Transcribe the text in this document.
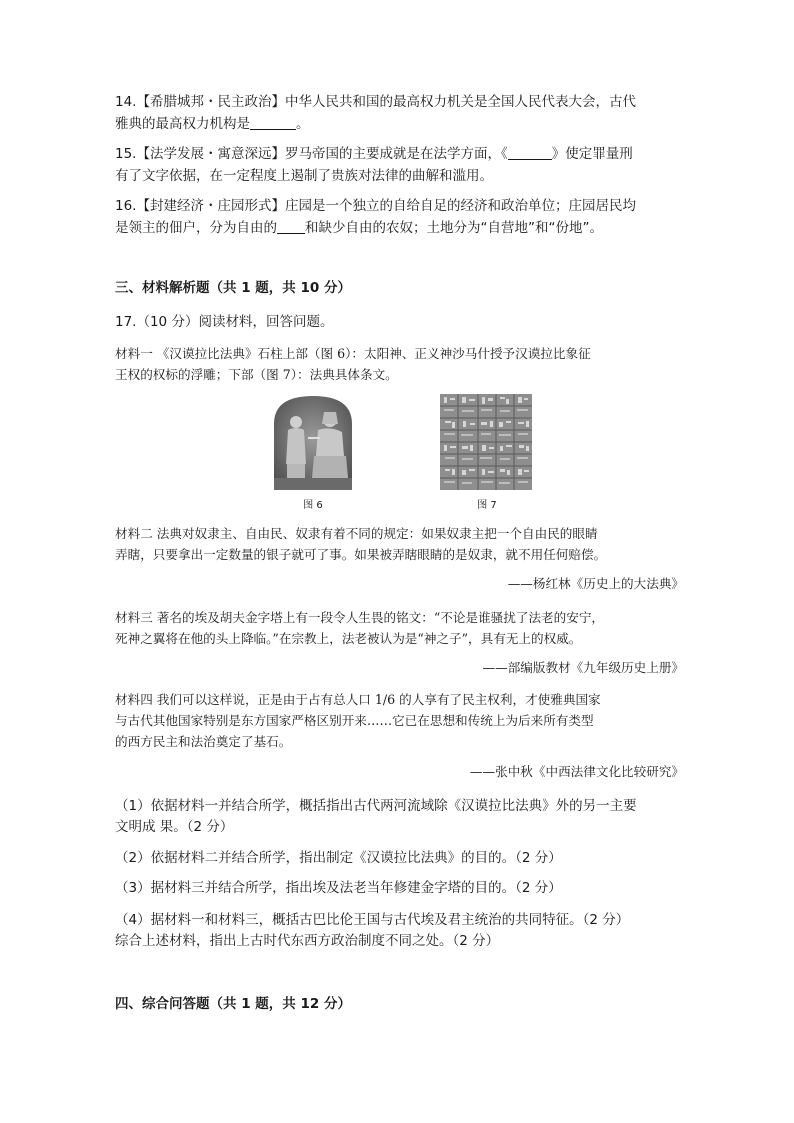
14.【希腊城邦・民主政治】中华人民共和国的最高权力机关是全国人民代表大会，古代
雅典的最高权力机构是	。
15.【法学发展・寓意深远】罗马帝国的主要成就是在法学方面，《	》使定罪量刑
有了文字依据，在一定程度上遏制了贵族对法律的曲解和滥用。
16.【封建经济・庄园形式】庄园是一个独立的自给自足的经济和政治单位；庄园居民均
是领主的佃户，分为自由的 和缺少自由的农奴；土地分为“自营地”和“份地”。
三、材料解析题（共 1 题，共 10 分）
17.（10 分）阅读材料，回答问题。
材料一 《汉谟拉比法典》石柱上部（图 6）：太阳神、正义神沙马什授予汉谟拉比象征
王权的权标的浮雕；下部（图 7）：法典具体条文。
图 6	图 7
材料二 法典对奴隶主、自由民、奴隶有着不同的规定：如果奴隶主把一个自由民的眼睛
弄瞎，只要拿出一定数量的银子就可了事。如果被弄瞎眼睛的是奴隶，就不用任何赔偿。
——杨红林《历史上的大法典》
材料三 著名的埃及胡夫金字塔上有一段令人生畏的铭文：“不论是谁骚扰了法老的安宁，
死神之翼将在他的头上降临。”在宗教上，法老被认为是“神之子”，具有无上的权威。
——部编版教材《九年级历史上册》
材料四 我们可以这样说，正是由于占有总人口 1/6 的人享有了民主权利，才使雅典国家
与古代其他国家特别是东方国家严格区别开来……它已在思想和传统上为后来所有类型
的西方民主和法治奠定了基石。
——张中秋《中西法律文化比较研究》
（1）依据材料一并结合所学，概括指出古代两河流域除《汉谟拉比法典》外的另一主要
文明成 果。（2 分）
（2）依据材料二并结合所学，指出制定《汉谟拉比法典》的目的。（2 分）
（3）据材料三并结合所学，指出埃及法老当年修建金字塔的目的。（2 分）
（4）据材料一和材料三，概括古巴比伦王国与古代埃及君主统治的共同特征。（2 分）
综合上述材料，指出上古时代东西方政治制度不同之处。（2 分）
四、综合问答题（共 1 题，共 12 分）
